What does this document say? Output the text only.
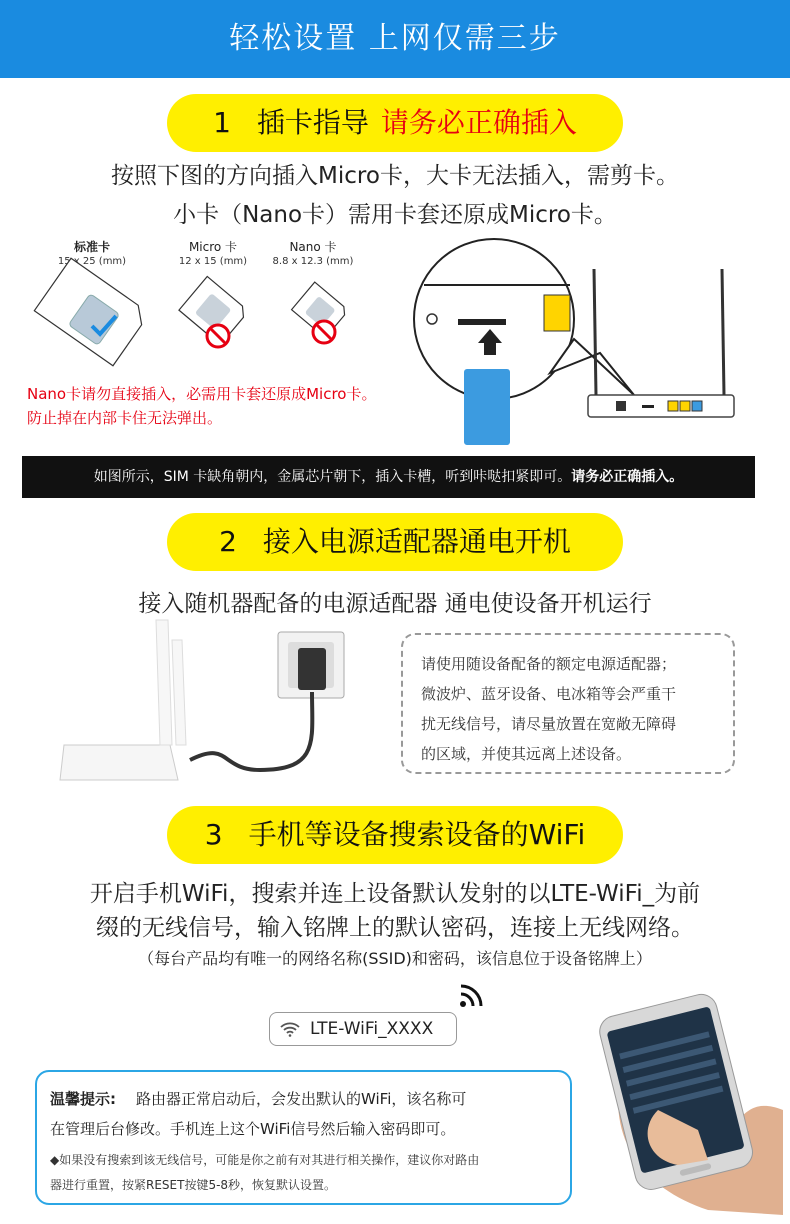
轻松设置 上网仅需三步
1 插卡指导 请务必正确插入
按照下图的方向插入Micro卡，大卡无法插入，需剪卡。
小卡（Nano卡）需用卡套还原成Micro卡。
标准卡
15 x 25 (mm)
Micro 卡
12 x 15 (mm)
Nano 卡
8.8 x 12.3 (mm)
Nano卡请勿直接插入，必需用卡套还原成Micro卡。
防止掉在内部卡住无法弹出。
如图所示，SIM 卡缺角朝内，金属芯片朝下，插入卡槽，听到咔哒扣紧即可。请务必正确插入。
2 接入电源适配器通电开机
接入随机器配备的电源适配器 通电使设备开机运行
请使用随设备配备的额定电源适配器；
微波炉、蓝牙设备、电冰箱等会严重干
扰无线信号，请尽量放置在宽敞无障碍
的区域，并使其远离上述设备。
3 手机等设备搜索设备的WiFi
开启手机WiFi，搜索并连上设备默认发射的以LTE-WiFi_为前
缀的无线信号，输入铭牌上的默认密码，连接上无线网络。
（每台产品均有唯一的网络名称(SSID)和密码，该信息位于设备铭牌上）
LTE-WiFi_XXXX
温馨提示: 路由器正常启动后，会发出默认的WiFi，该名称可
在管理后台修改。手机连上这个WiFi信号然后输入密码即可。
◆如果没有搜索到该无线信号，可能是你之前有对其进行相关操作，建议你对路由
器进行重置，按紧RESET按键5-8秒，恢复默认设置。
